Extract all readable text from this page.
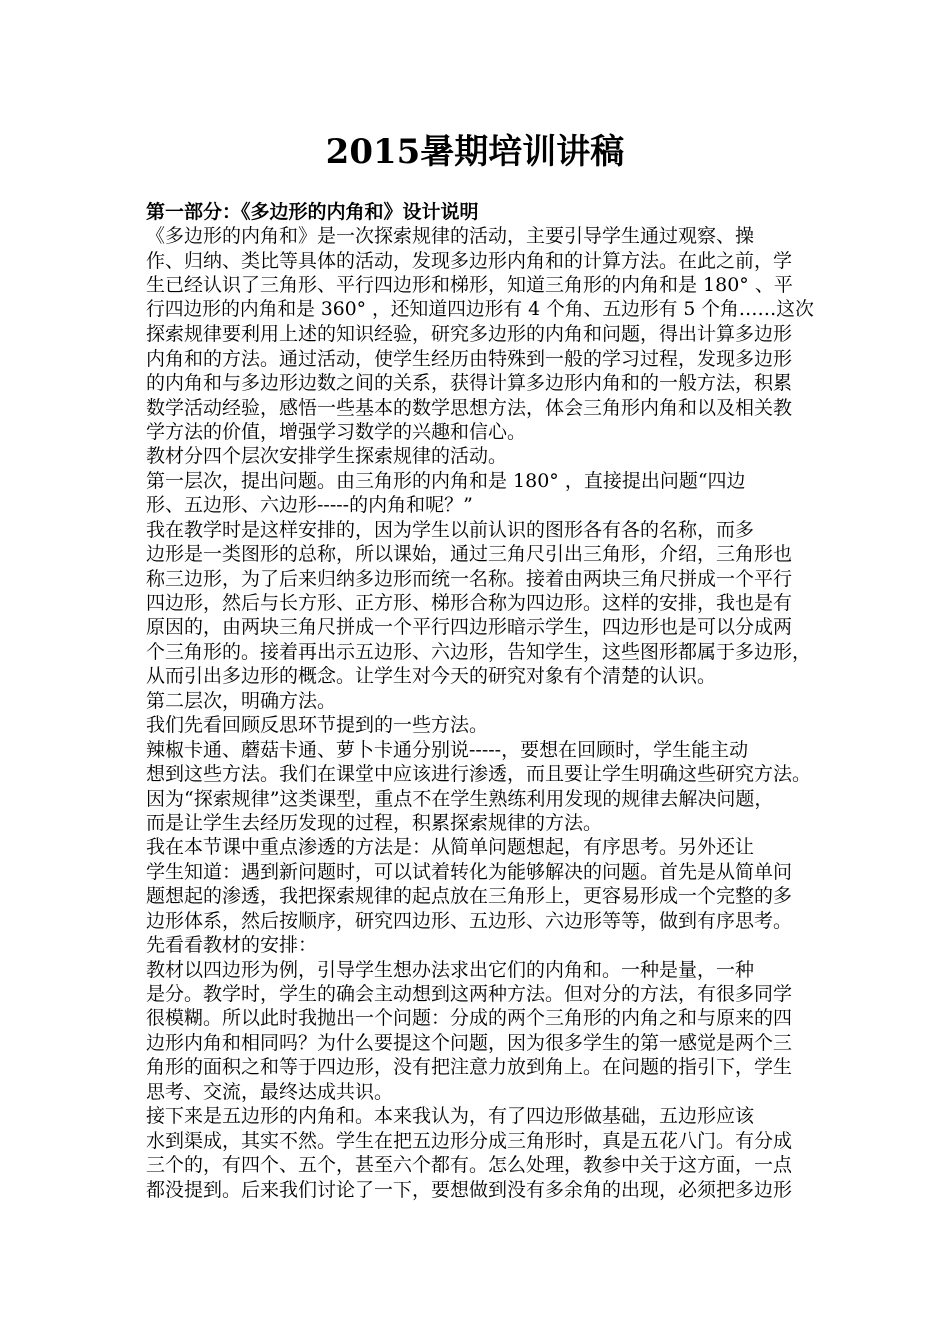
2015暑期培训讲稿
第一部分：《多边形的内角和》设计说明
《多边形的内角和》是一次探索规律的活动，主要引导学生通过观察、操
作、归纳、类比等具体的活动，发现多边形内角和的计算方法。在此之前，学
生已经认识了三角形、平行四边形和梯形，知道三角形的内角和是 180° 、平
行四边形的内角和是 360° ，还知道四边形有 4 个角、五边形有 5 个角……这次
探索规律要利用上述的知识经验，研究多边形的内角和问题，得出计算多边形
内角和的方法。通过活动，使学生经历由特殊到一般的学习过程，发现多边形
的内角和与多边形边数之间的关系，获得计算多边形内角和的一般方法，积累
数学活动经验，感悟一些基本的数学思想方法，体会三角形内角和以及相关教
学方法的价值，增强学习数学的兴趣和信心。
教材分四个层次安排学生探索规律的活动。
第一层次，提出问题。由三角形的内角和是 180° ，直接提出问题“四边
形、五边形、六边形-----的内角和呢？”
我在教学时是这样安排的，因为学生以前认识的图形各有各的名称，而多
边形是一类图形的总称，所以课始，通过三角尺引出三角形，介绍，三角形也
称三边形，为了后来归纳多边形而统一名称。接着由两块三角尺拼成一个平行
四边形，然后与长方形、正方形、梯形合称为四边形。这样的安排，我也是有
原因的，由两块三角尺拼成一个平行四边形暗示学生，四边形也是可以分成两
个三角形的。接着再出示五边形、六边形，告知学生，这些图形都属于多边形，
从而引出多边形的概念。让学生对今天的研究对象有个清楚的认识。
第二层次，明确方法。
我们先看回顾反思环节提到的一些方法。
辣椒卡通、蘑菇卡通、萝卜卡通分别说-----，要想在回顾时，学生能主动
想到这些方法。我们在课堂中应该进行渗透，而且要让学生明确这些研究方法。
因为“探索规律”这类课型，重点不在学生熟练利用发现的规律去解决问题，
而是让学生去经历发现的过程，积累探索规律的方法。
我在本节课中重点渗透的方法是：从简单问题想起，有序思考。另外还让
学生知道：遇到新问题时，可以试着转化为能够解决的问题。首先是从简单问
题想起的渗透，我把探索规律的起点放在三角形上，更容易形成一个完整的多
边形体系，然后按顺序，研究四边形、五边形、六边形等等，做到有序思考。
先看看教材的安排：
教材以四边形为例，引导学生想办法求出它们的内角和。一种是量，一种
是分。教学时，学生的确会主动想到这两种方法。但对分的方法，有很多同学
很模糊。所以此时我抛出一个问题：分成的两个三角形的内角之和与原来的四
边形内角和相同吗？为什么要提这个问题，因为很多学生的第一感觉是两个三
角形的面积之和等于四边形，没有把注意力放到角上。在问题的指引下，学生
思考、交流，最终达成共识。
接下来是五边形的内角和。本来我认为，有了四边形做基础，五边形应该
水到渠成，其实不然。学生在把五边形分成三角形时，真是五花八门。有分成
三个的，有四个、五个，甚至六个都有。怎么处理，教参中关于这方面，一点
都没提到。后来我们讨论了一下，要想做到没有多余角的出现，必须把多边形
